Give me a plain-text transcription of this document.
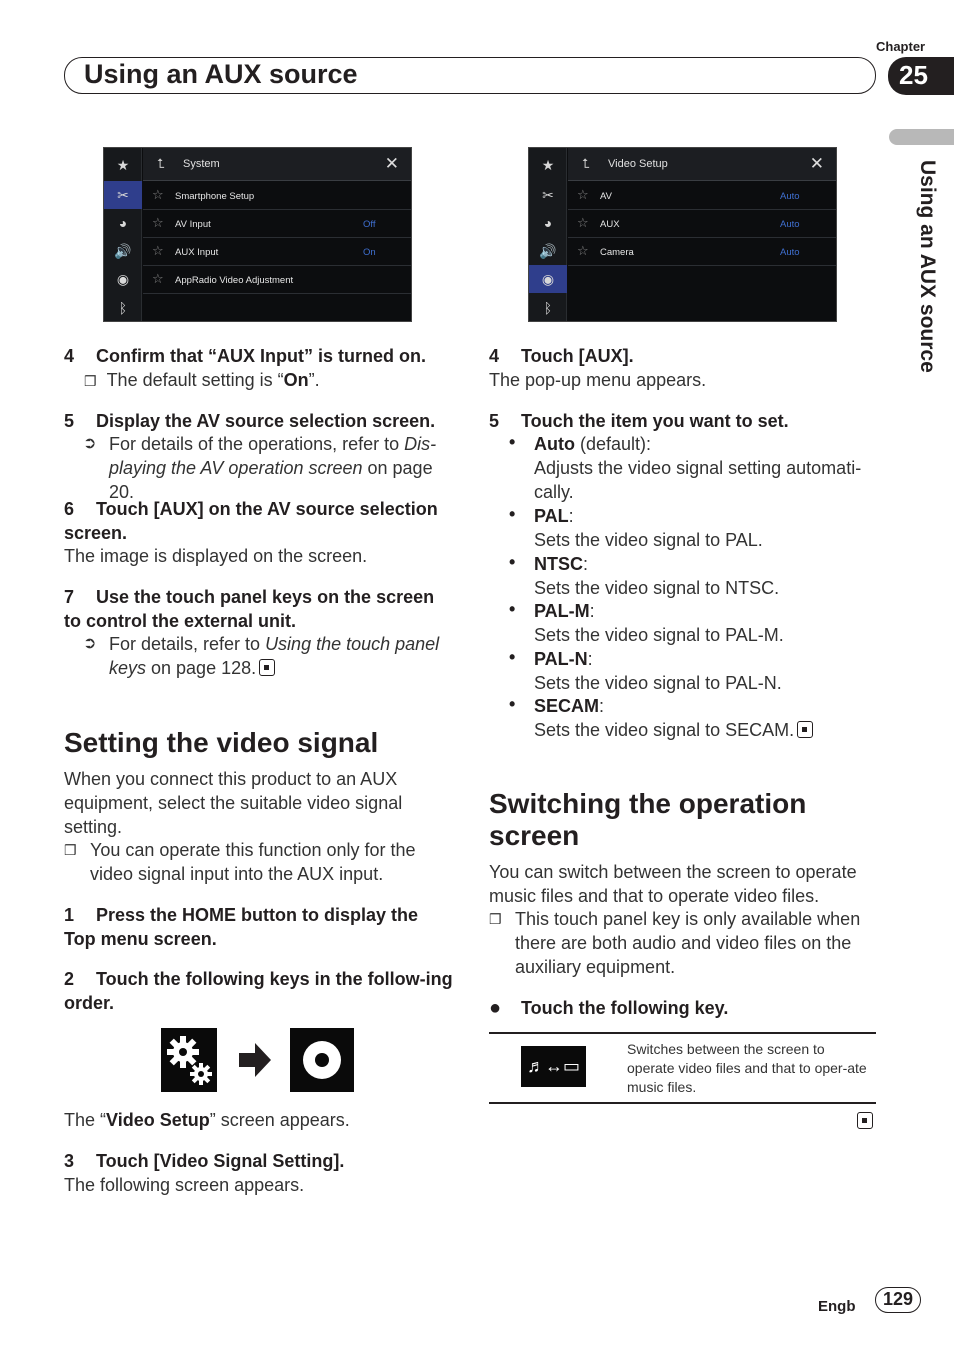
Using an AUX source
Chapter
25
Using an AUX source
★
✂
◕
🔊
◉
ᛒ
⮤ System	✕
☆ Smartphone Setup
☆ AV Input	Off
☆ AUX Input	On
☆ AppRadio Video Adjustment
★
✂
◕
🔊
◉
ᛒ
⮤ Video Setup	✕
☆ AV	Auto
☆ AUX	Auto
☆ Camera	Auto
4 Confirm that “AUX Input” is turned on.
❒ The default setting is “On”.
5 Display the AV source selection screen.
➲ For details of the operations, refer to Dis-playing the AV operation screen on page 20.
6 Touch [AUX] on the AV source selection screen.
The image is displayed on the screen.
7 Use the touch panel keys on the screen to control the external unit.
➲ For details, refer to Using the touch panel keys on page 128.
Setting the video signal
When you connect this product to an AUX equipment, select the suitable video signal setting.
❒ You can operate this function only for the video signal input into the AUX input.
1 Press the HOME button to display the Top menu screen.
2 Touch the following keys in the follow-ing order.
The “Video Setup” screen appears.
3 Touch [Video Signal Setting].
The following screen appears.
4 Touch [AUX].
The pop-up menu appears.
5 Touch the item you want to set.
• Auto (default):
Adjusts the video signal setting automati-cally.
• PAL:
Sets the video signal to PAL.
• NTSC:
Sets the video signal to NTSC.
• PAL-M:
Sets the video signal to PAL-M.
• PAL-N:
Sets the video signal to PAL-N.
• SECAM:
Sets the video signal to SECAM.
Switching the operation screen
You can switch between the screen to operate music files and that to operate video files.
❒ This touch panel key is only available when there are both audio and video files on the auxiliary equipment.
● Touch the following key.
♬↔▭
Switches between the screen to operate video files and that to oper-ate music files.
Engb	129
